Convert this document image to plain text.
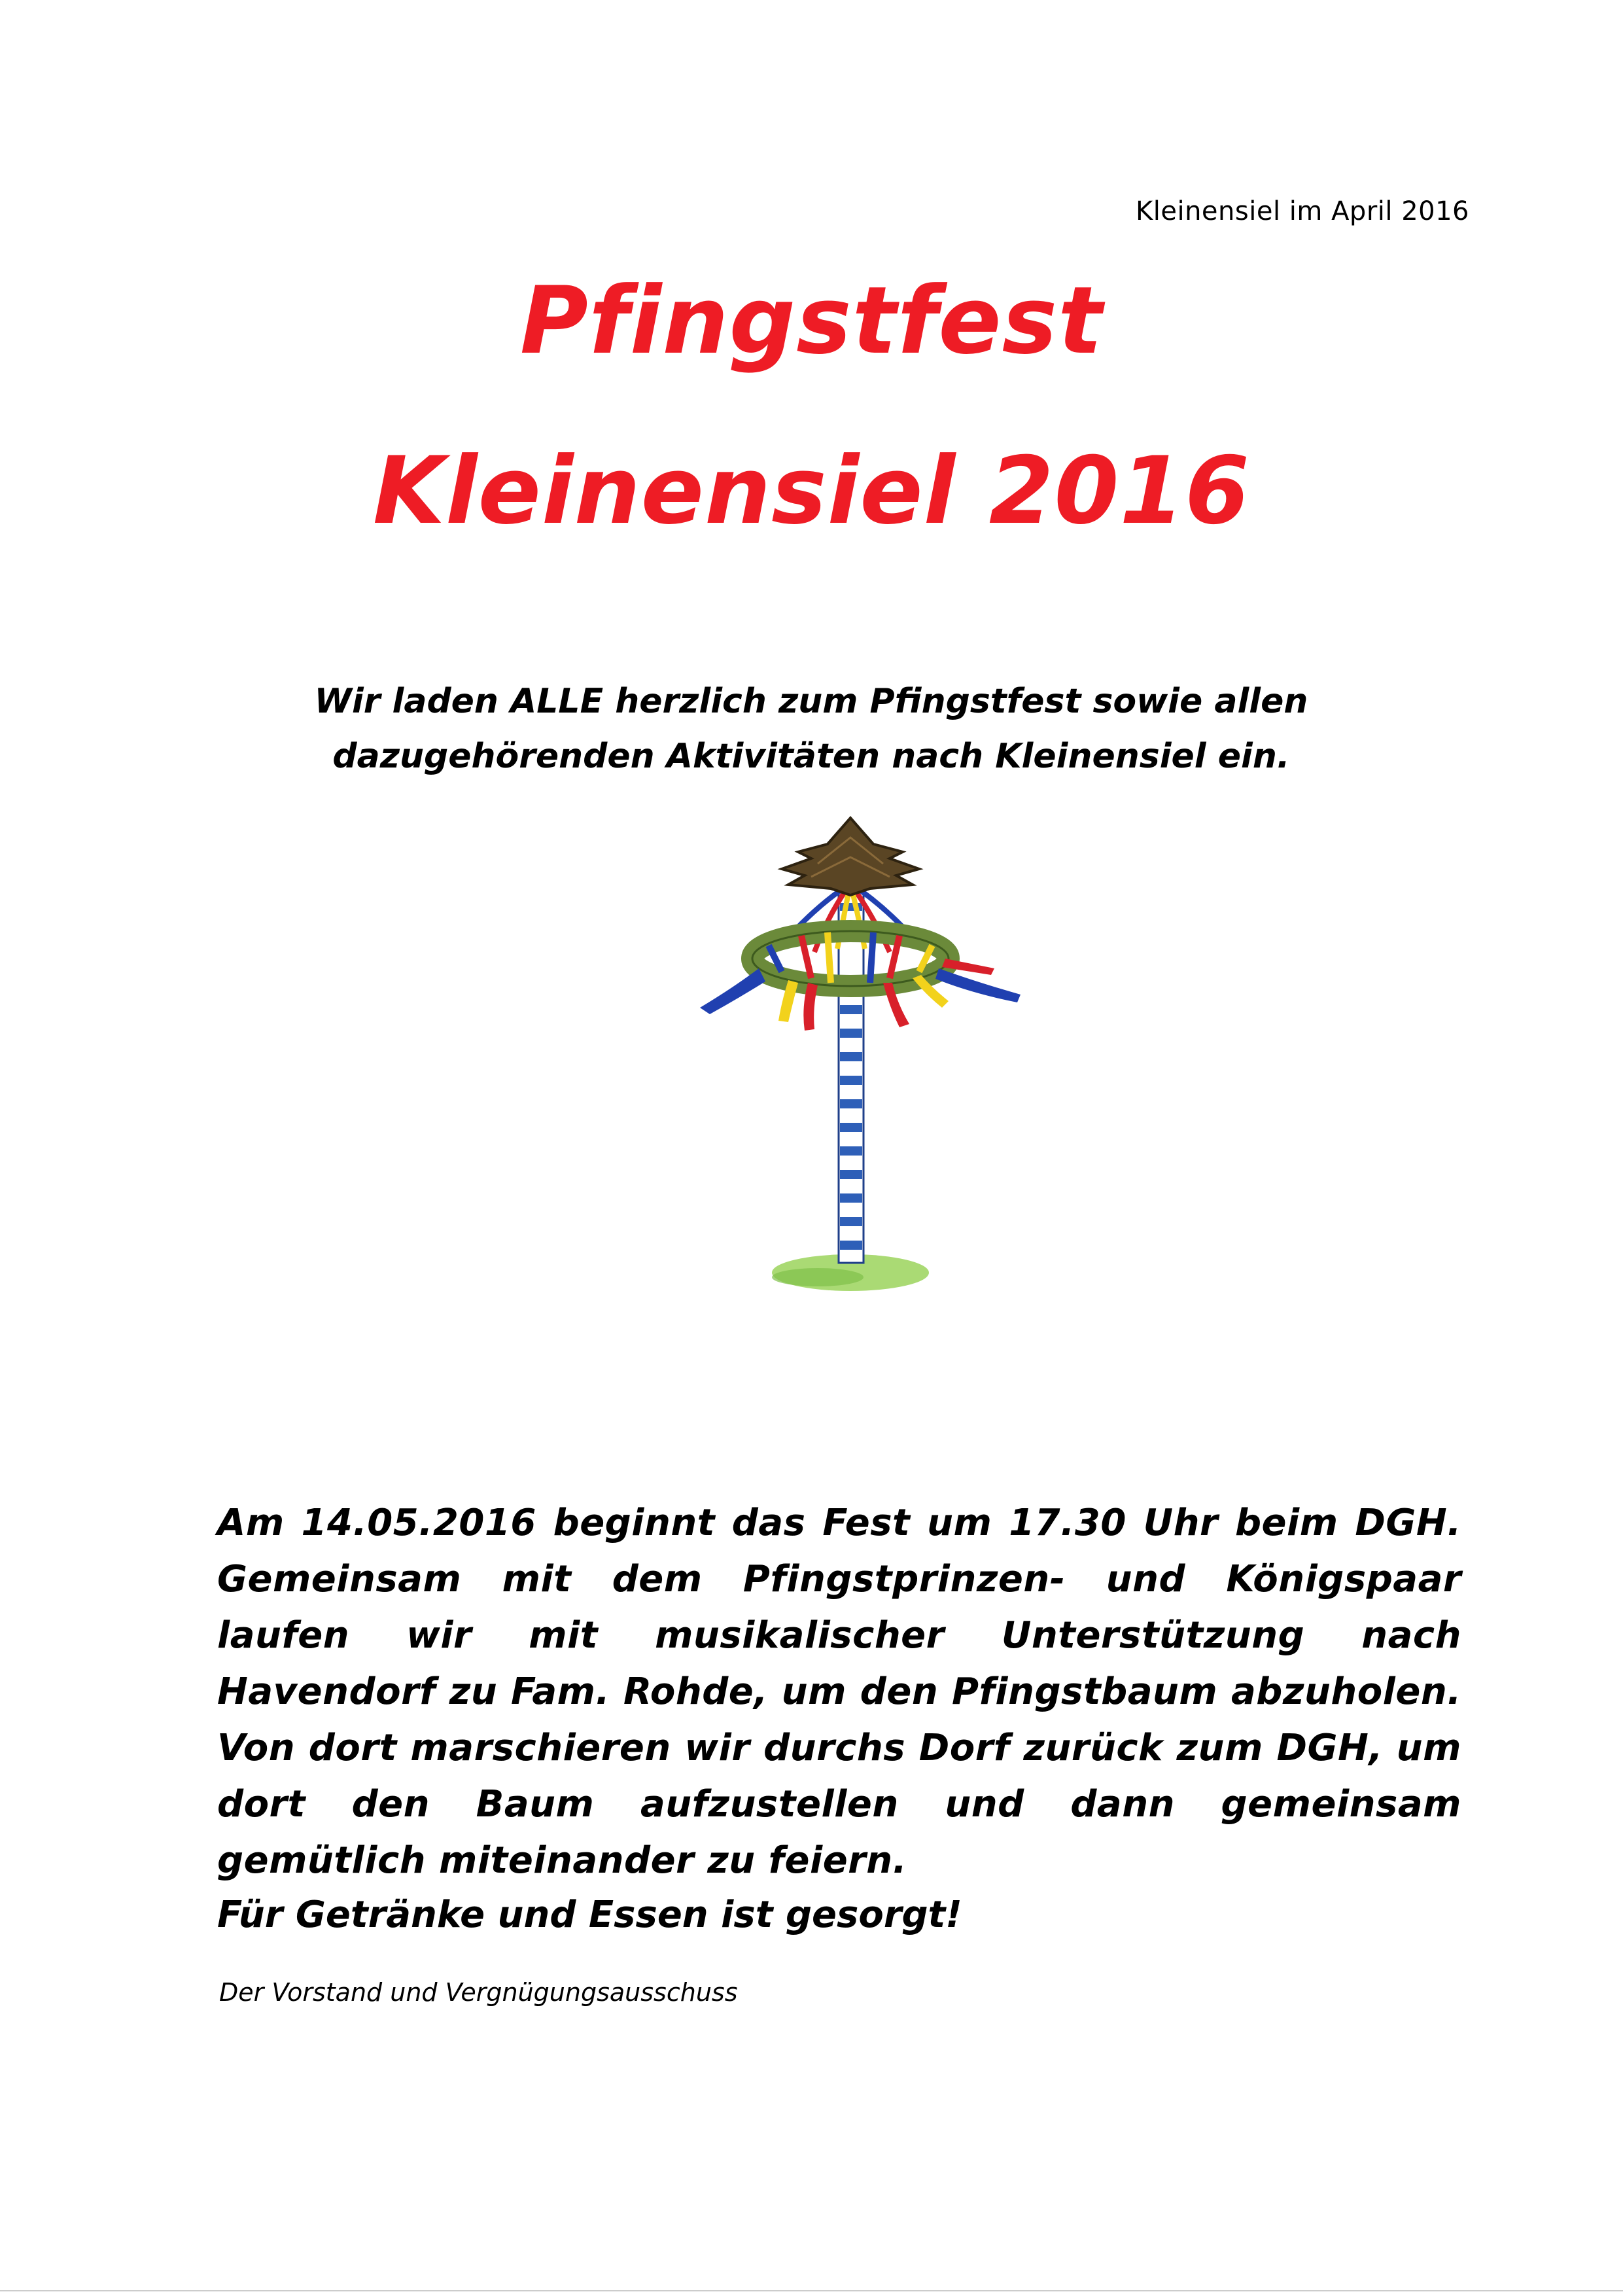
Kleinensiel im April 2016
Pfingstfest
Kleinensiel 2016
Wir laden ALLE herzlich zum Pfingstfest sowie allen dazugehörenden Aktivitäten nach Kleinensiel ein.
Am 14.05.2016 beginnt das Fest um 17.30 Uhr beim DGH. Gemeinsam mit dem Pfingstprinzen- und Königspaar laufen wir mit musikalischer Unterstützung nach Havendorf zu Fam. Rohde, um den Pfingstbaum abzuholen. Von dort marschieren wir durchs Dorf zurück zum DGH, um dort den Baum aufzustellen und dann gemeinsam gemütlich miteinander zu feiern.
Für Getränke und Essen ist gesorgt!
Der Vorstand und Vergnügungsausschuss
